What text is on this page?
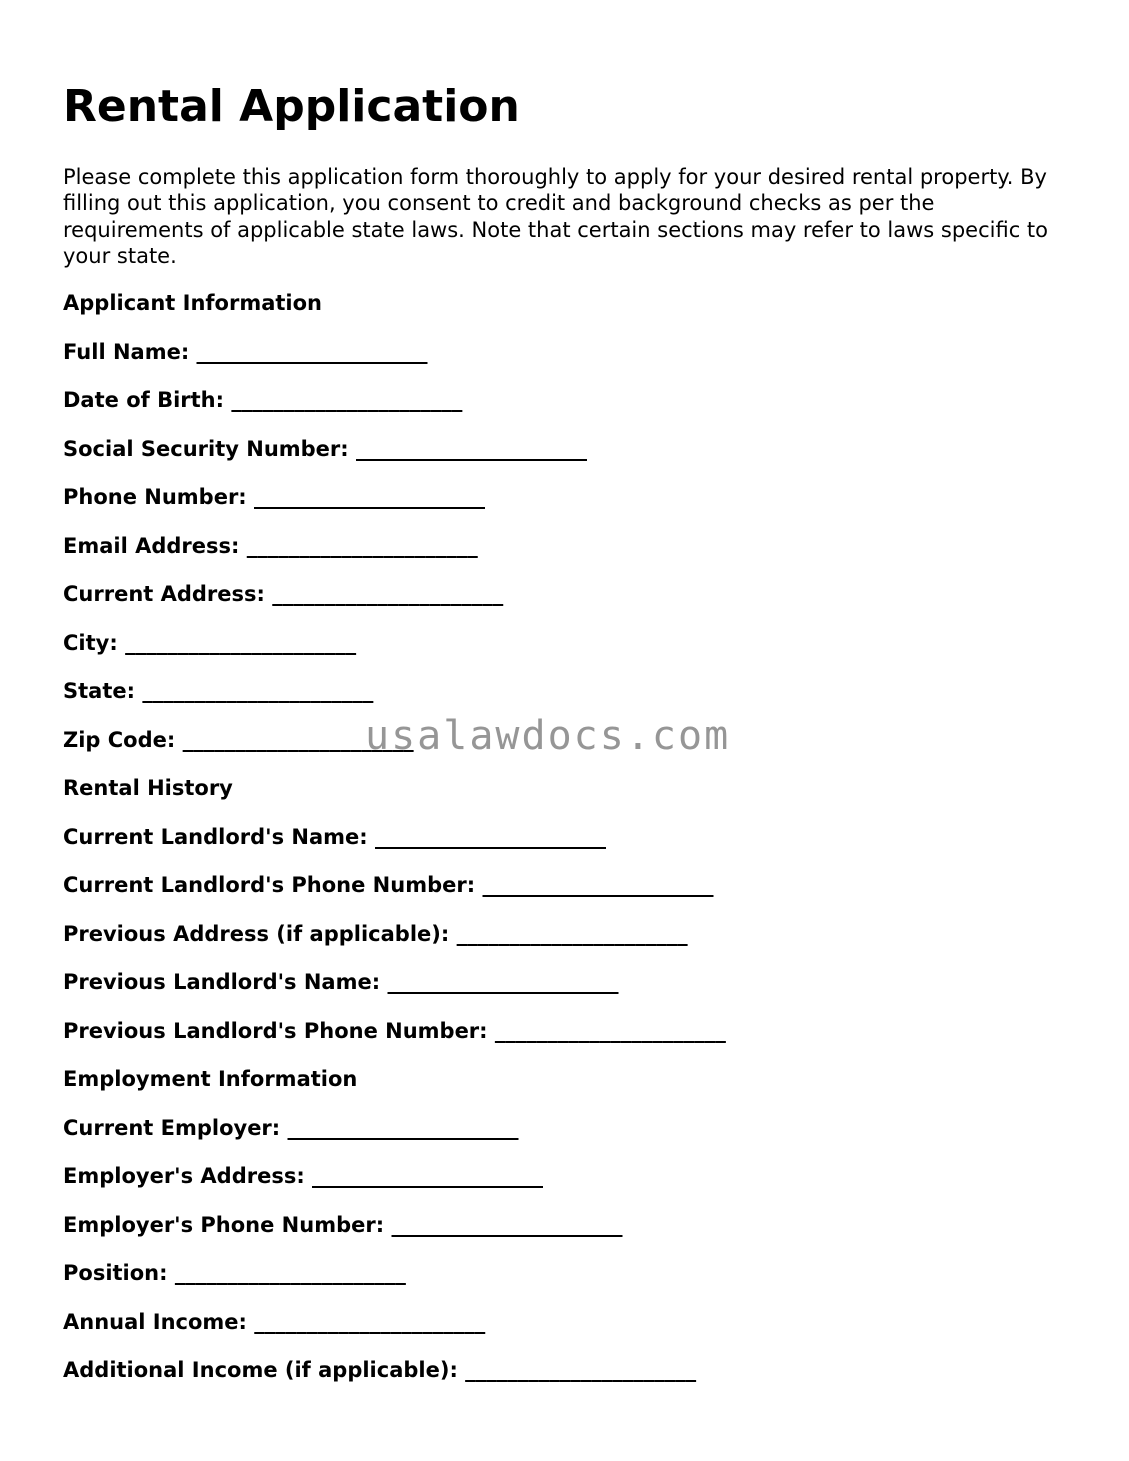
Rental Application

Please complete this application form thoroughly to apply for your desired rental property. By filling out this application, you consent to credit and background checks as per the requirements of applicable state laws. Note that certain sections may refer to laws specific to your state.

Applicant Information

Full Name: ______________________

Date of Birth: ______________________

Social Security Number: ______________________

Phone Number: ______________________

Email Address: ______________________

Current Address: ______________________

City: ______________________

State: ______________________

Zip Code: ______________________

Rental History

Current Landlord's Name: ______________________

Current Landlord's Phone Number: ______________________

Previous Address (if applicable): ______________________

Previous Landlord's Name: ______________________

Previous Landlord's Phone Number: ______________________

Employment Information

Current Employer: ______________________

Employer's Address: ______________________

Employer's Phone Number: ______________________

Position: ______________________

Annual Income: ______________________

Additional Income (if applicable): ______________________

usalawdocs.com
